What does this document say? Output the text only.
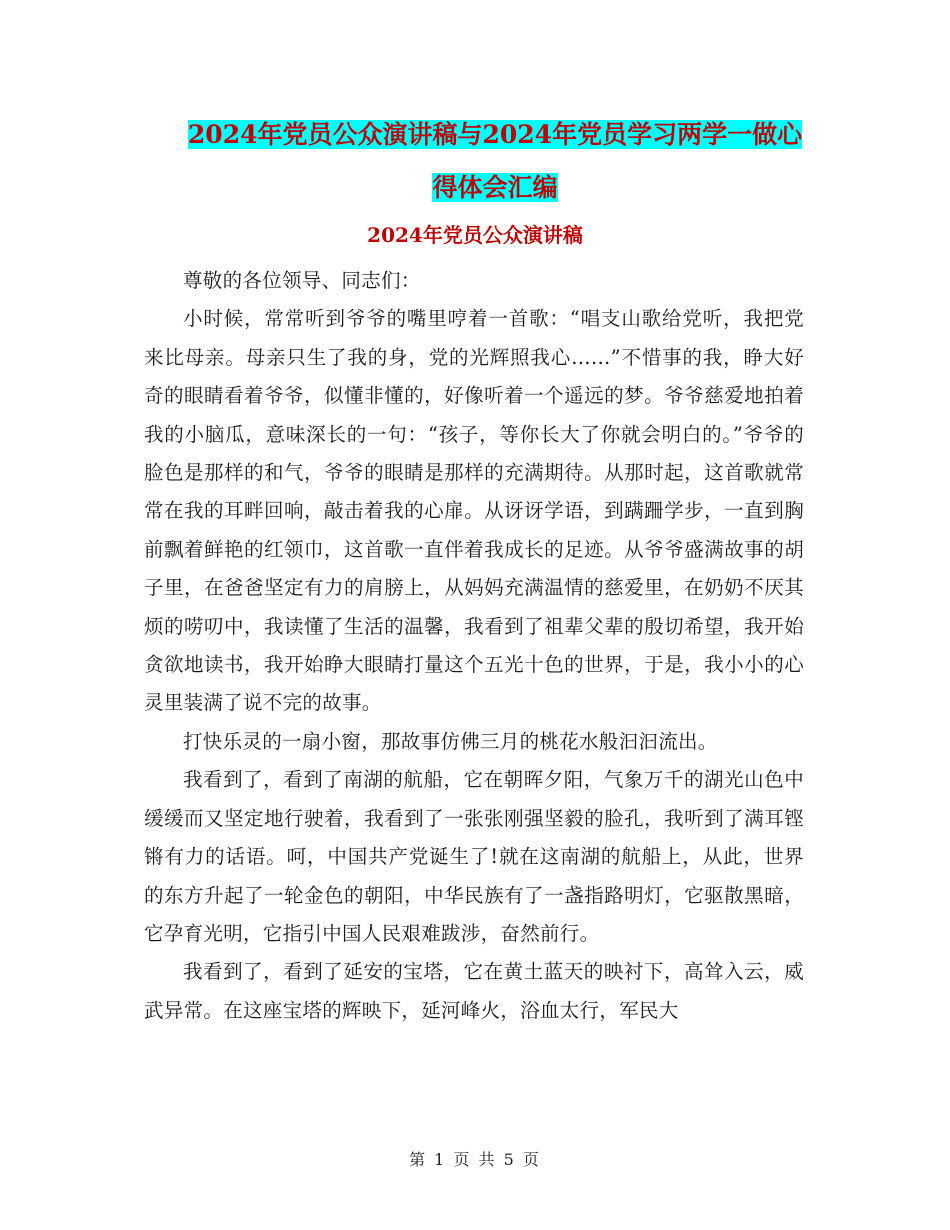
2024年党员公众演讲稿与2024年党员学习两学一做心
得体会汇编
2024年党员公众演讲稿

尊敬的各位领导、同志们：

小时候，常常听到爷爷的嘴里哼着一首歌：“唱支山歌给党听，我把党来比母亲。母亲只生了我的身，党的光辉照我心……”不惜事的我，睁大好奇的眼睛看着爷爷，似懂非懂的，好像听着一个遥远的梦。爷爷慈爱地拍着我的小脑瓜，意味深长的一句：“孩子，等你长大了你就会明白的。”爷爷的脸色是那样的和气，爷爷的眼睛是那样的充满期待。从那时起，这首歌就常常在我的耳畔回响，敲击着我的心扉。从讶讶学语，到蹒跚学步，一直到胸前飘着鲜艳的红领巾，这首歌一直伴着我成长的足迹。从爷爷盛满故事的胡子里，在爸爸坚定有力的肩膀上，从妈妈充满温情的慈爱里，在奶奶不厌其烦的唠叨中，我读懂了生活的温馨，我看到了祖辈父辈的殷切希望，我开始贪欲地读书，我开始睁大眼睛打量这个五光十色的世界，于是，我小小的心灵里装满了说不完的故事。

打快乐灵的一扇小窗，那故事仿佛三月的桃花水般汩汩流出。

我看到了，看到了南湖的航船，它在朝晖夕阳，气象万千的湖光山色中缓缓而又坚定地行驶着，我看到了一张张刚强坚毅的脸孔，我听到了满耳铿锵有力的话语。呵，中国共产党诞生了!就在这南湖的航船上，从此，世界的东方升起了一轮金色的朝阳，中华民族有了一盏指路明灯，它驱散黑暗，它孕育光明，它指引中国人民艰难跋涉，奋然前行。

我看到了，看到了延安的宝塔，它在黄土蓝天的映衬下，高耸入云，威武异常。在这座宝塔的辉映下，延河峰火，浴血太行，军民大

第 1 页 共 5 页
